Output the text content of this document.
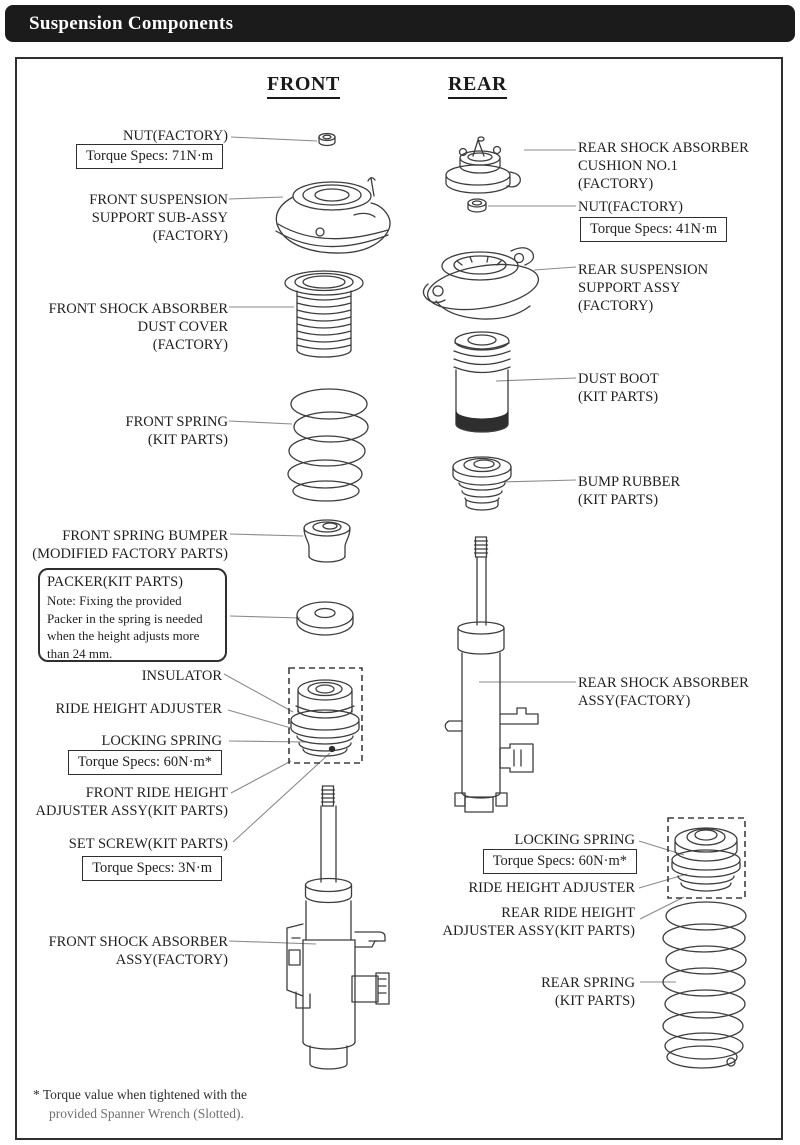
Suspension Components
FRONT	REAR
NUT(FACTORY)
Torque Specs: 71N·m
FRONT SUSPENSION
SUPPORT SUB-ASSY
(FACTORY)
FRONT SHOCK ABSORBER
DUST COVER
(FACTORY)
FRONT SPRING
(KIT PARTS)
FRONT SPRING BUMPER
(MODIFIED FACTORY PARTS)
PACKER(KIT PARTS)
Note: Fixing the provided
Packer in the spring is needed
when the height adjusts more
than 24 mm.
INSULATOR
RIDE HEIGHT ADJUSTER
LOCKING SPRING
Torque Specs: 60N·m*
FRONT RIDE HEIGHT
ADJUSTER ASSY(KIT PARTS)
SET SCREW(KIT PARTS)
Torque Specs: 3N·m
FRONT SHOCK ABSORBER
ASSY(FACTORY)
REAR SHOCK ABSORBER
CUSHION NO.1
(FACTORY)
NUT(FACTORY)
Torque Specs: 41N·m
REAR SUSPENSION
SUPPORT ASSY
(FACTORY)
DUST BOOT
(KIT PARTS)
BUMP RUBBER
(KIT PARTS)
REAR SHOCK ABSORBER
ASSY(FACTORY)
LOCKING SPRING
Torque Specs: 60N·m*
RIDE HEIGHT ADJUSTER
REAR RIDE HEIGHT
ADJUSTER ASSY(KIT PARTS)
REAR SPRING
(KIT PARTS)
* Torque value when tightened with the
provided Spanner Wrench (Slotted).
